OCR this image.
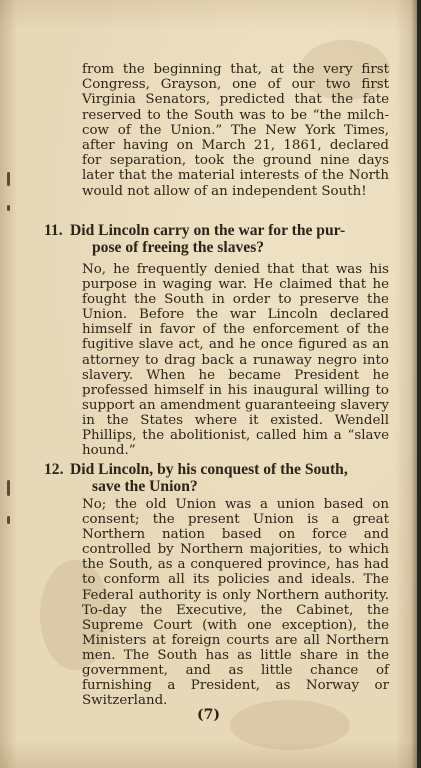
from the beginning that, at the very first Congress, Grayson, one of our two first Virginia Senators, predicted that the fate reserved to the South was to be “the milch-cow of the Union.” The New York Times, after having on March 21, 1861, declared for separation, took the ground nine days later that the material interests of the North would not allow of an independent South!
11. Did Lincoln carry on the war for the pur-
pose of freeing the slaves?
No, he frequently denied that that was his purpose in waging war. He claimed that he fought the South in order to preserve the Union. Before the war Lincoln declared himself in favor of the enforcement of the fugitive slave act, and he once figured as an attorney to drag back a runaway negro into slavery. When he became President he professed himself in his inaugural willing to support an amendment guaranteeing slavery in the States where it existed. Wendell Phillips, the abolitionist, called him a “slave hound.”
12. Did Lincoln, by his conquest of the South,
save the Union?
No; the old Union was a union based on consent; the present Union is a great Northern nation based on force and controlled by Northern majorities, to which the South, as a conquered province, has had to conform all its policies and ideals. The Federal authority is only Northern authority. To-day the Executive, the Cabinet, the Supreme Court (with one exception), the Ministers at foreign courts are all Northern men. The South has as little share in the government, and as little chance of furnishing a President, as Norway or Switzerland.
(7)
